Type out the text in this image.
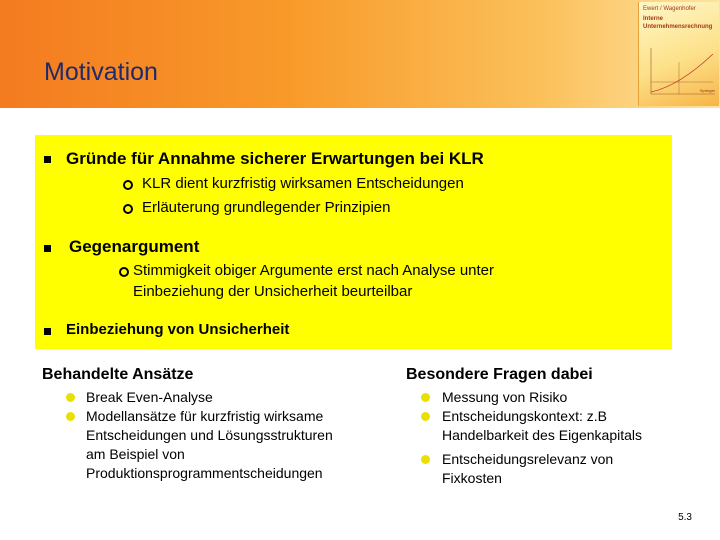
Motivation
Ewert / Wagenhofer
Interne
Unternehmensrechnung
Springer
Gründe für Annahme sicherer Erwartungen bei KLR
KLR dient kurzfristig wirksamen Entscheidungen
Erläuterung grundlegender Prinzipien
Gegenargument
Stimmigkeit obiger Argumente erst nach Analyse unter
Einbeziehung der Unsicherheit beurteilbar
Einbeziehung von Unsicherheit
Behandelte Ansätze
Break Even-Analyse
Modellansätze für kurzfristig wirksame
Entscheidungen und Lösungsstrukturen
am Beispiel von
Produktionsprogrammentscheidungen
Besondere Fragen dabei
Messung von Risiko
Entscheidungskontext: z.B
Handelbarkeit des Eigenkapitals
Entscheidungsrelevanz von
Fixkosten
5.3
